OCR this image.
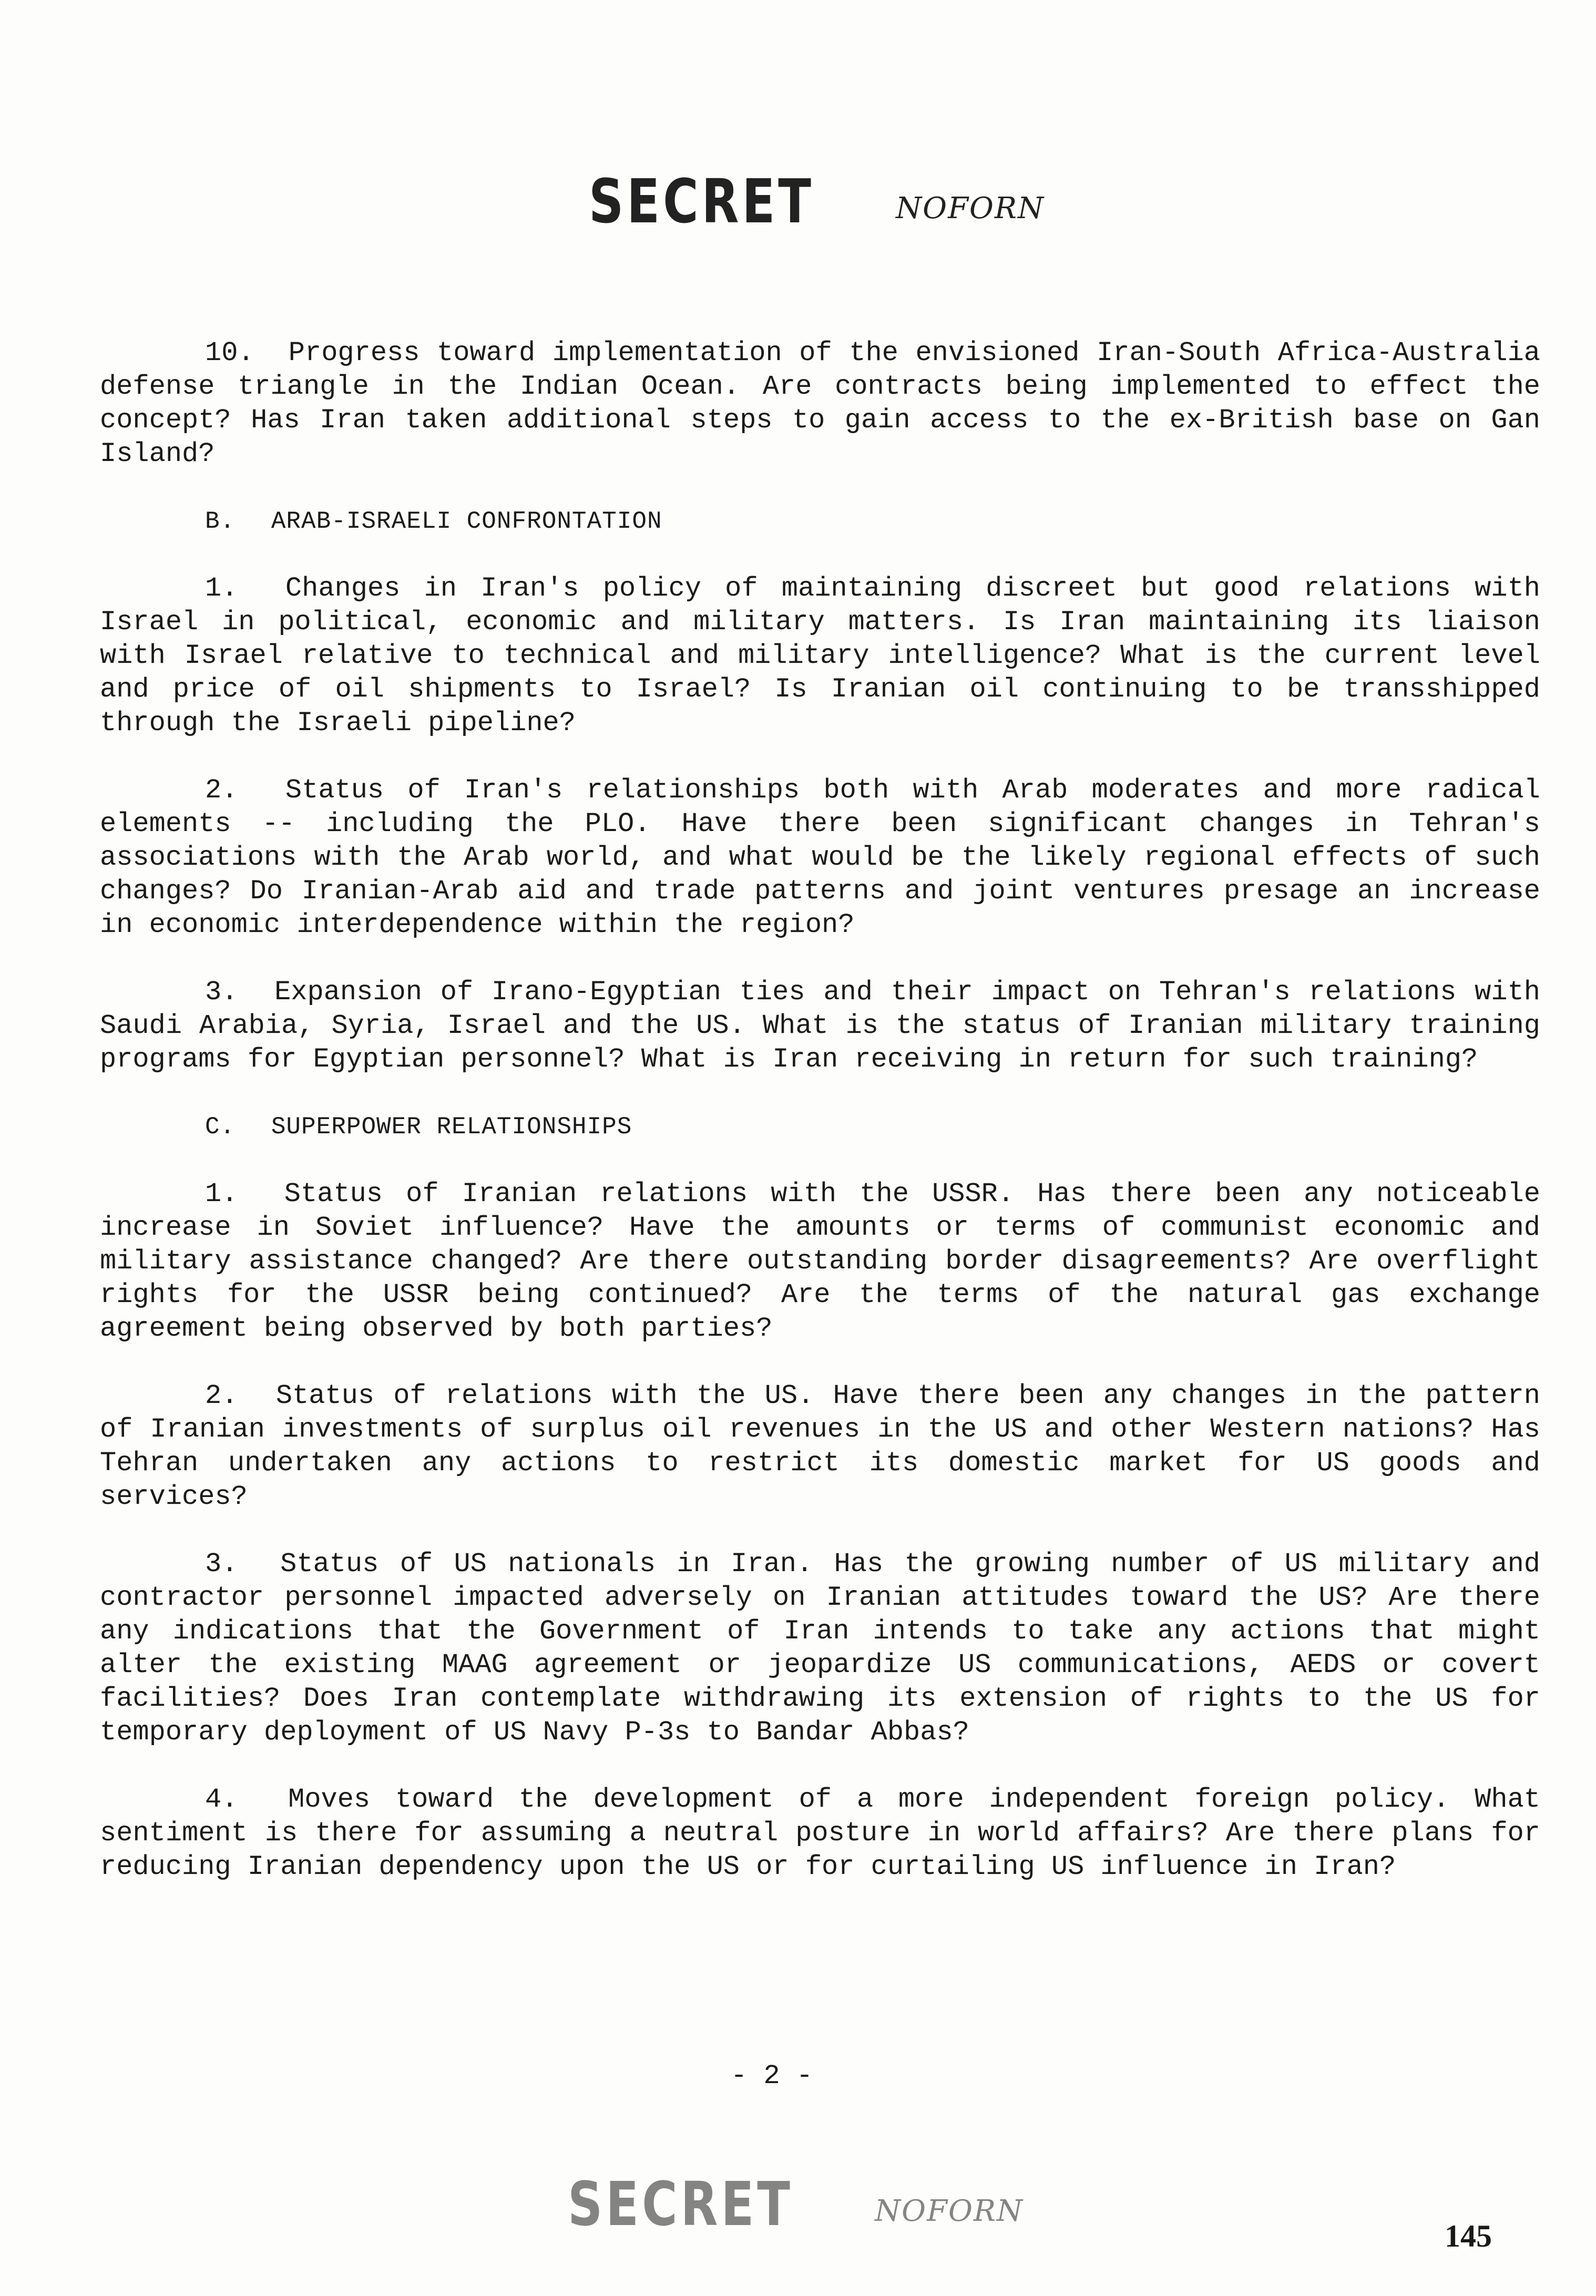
SECRET	NOFORN

10. Progress toward implementation of the envisioned Iran-South Africa-Australia defense triangle in the Indian Ocean. Are contracts being implemented to effect the concept? Has Iran taken additional steps to gain access to the ex-British base on Gan Island?

B. ARAB-ISRAELI CONFRONTATION

1. Changes in Iran's policy of maintaining discreet but good relations with Israel in political, economic and military matters. Is Iran maintaining its liaison with Israel relative to technical and military intelligence? What is the current level and price of oil shipments to Israel? Is Iranian oil continuing to be transshipped through the Israeli pipeline?

2. Status of Iran's relationships both with Arab moderates and more radical elements -- including the PLO. Have there been significant changes in Tehran's associations with the Arab world, and what would be the likely regional effects of such changes? Do Iranian-Arab aid and trade patterns and joint ventures presage an increase in economic interdependence within the region?

3. Expansion of Irano-Egyptian ties and their impact on Tehran's relations with Saudi Arabia, Syria, Israel and the US. What is the status of Iranian military training programs for Egyptian personnel? What is Iran receiving in return for such training?

C. SUPERPOWER RELATIONSHIPS

1. Status of Iranian relations with the USSR. Has there been any noticeable increase in Soviet influence? Have the amounts or terms of communist economic and military assistance changed? Are there outstanding border disagreements? Are overflight rights for the USSR being continued? Are the terms of the natural gas exchange agreement being observed by both parties?

2. Status of relations with the US. Have there been any changes in the pattern of Iranian investments of surplus oil revenues in the US and other Western nations? Has Tehran undertaken any actions to restrict its domestic market for US goods and services?

3. Status of US nationals in Iran. Has the growing number of US military and contractor personnel impacted adversely on Iranian attitudes toward the US? Are there any indications that the Government of Iran intends to take any actions that might alter the existing MAAG agreement or jeopardize US communications, AEDS or covert facilities? Does Iran contemplate withdrawing its extension of rights to the US for temporary deployment of US Navy P-3s to Bandar Abbas?

4. Moves toward the development of a more independent foreign policy. What sentiment is there for assuming a neutral posture in world affairs? Are there plans for reducing Iranian dependency upon the US or for curtailing US influence in Iran?

- 2 -
SECRET	NOFORN
145
